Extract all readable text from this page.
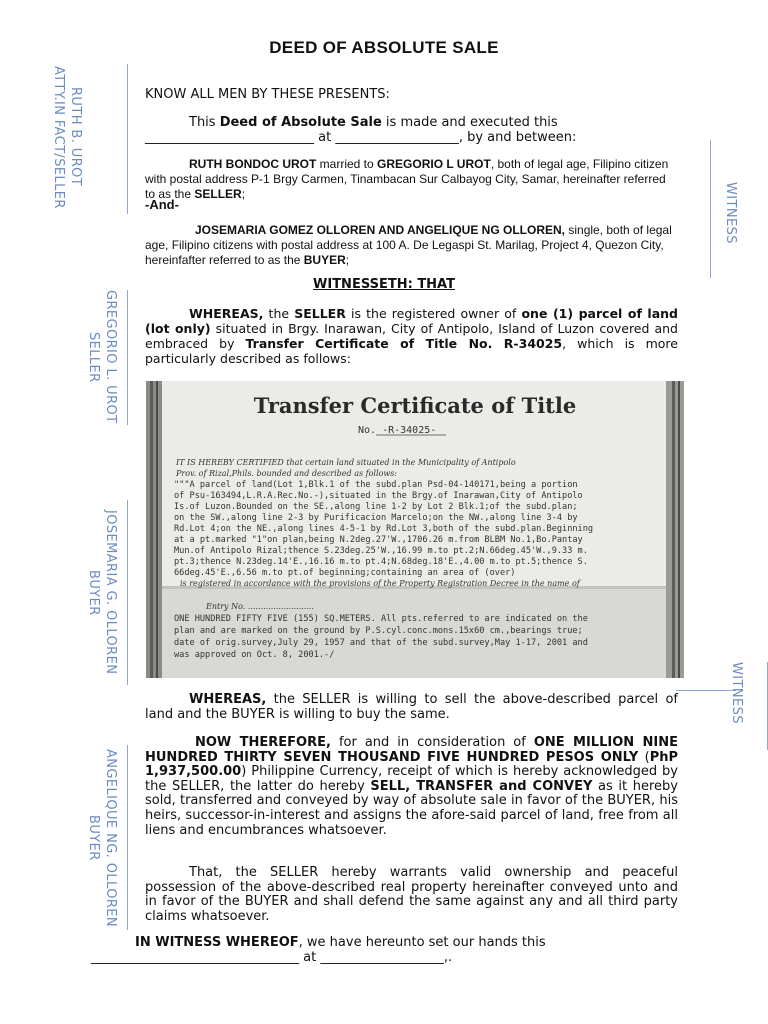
DEED OF ABSOLUTE SALE
KNOW ALL MEN BY THESE PRESENTS:
This Deed of Absolute Sale is made and executed this
__________________________ at ___________________, by and between:
RUTH BONDOC UROT married to GREGORIO L UROT, both of legal age, Filipino citizen with postal address P-1 Brgy Carmen, Tinambacan Sur Calbayog City, Samar, hereinafter referred to as the SELLER;
-And-
JOSEMARIA GOMEZ OLLOREN AND ANGELIQUE NG OLLOREN, single, both of legal age, Filipino citizens with postal address at 100 A. De Legaspi St. Marilag, Project 4, Quezon City, hereinfafter referred to as the BUYER;
WITNESSETH: THAT
WHEREAS, the SELLER is the registered owner of one (1) parcel of land (lot only) situated in Brgy. Inarawan, City of Antipolo, Island of Luzon covered and embraced by Transfer Certificate of Title No. R-34025, which is more particularly described as follows:
Transfer Certificate of Title
No. -R-34025-
IT IS HEREBY CERTIFIED that certain land situated in the Municipality of Antipolo
Prov. of Rizal,Phils. bounded and described as follows:
"""A parcel of land(Lot 1,Blk.1 of the subd.plan Psd-04-140171,being a portion
of Psu-163494,L.R.A.Rec.No.-),situated in the Brgy.of Inarawan,City of Antipolo
Is.of Luzon.Bounded on the SE.,along line 1-2 by Lot 2 Blk.1;of the subd.plan;
on the SW.,along line 2-3 by Purificacion Marcelo;on the NW.,along line 3-4 by
Rd.Lot 4;on the NE.,along lines 4-5-1 by Rd.Lot 3,both of the subd.plan.Beginning
at a pt.marked "1"on plan,being N.2deg.27'W.,1706.26 m.from BLBM No.1,Bo.Pantay
Mun.of Antipolo Rizal;thence S.23deg.25'W.,16.99 m.to pt.2;N.66deg.45'W.,9.33 m.
pt.3;thence N.23deg.14'E.,16.16 m.to pt.4;N.68deg.18'E.,4.00 m.to pt.5;thence S.
66deg.45'E.,6.56 m.to pt.of beginning;containing an area of (over)
is registered in accordance with the provisions of the Property Registration Decree in the name of
Entry No. ..........................
ONE HUNDRED FIFTY FIVE (155) SQ.METERS. All pts.referred to are indicated on the
plan and are marked on the ground by P.S.cyl.conc.mons.15x60 cm.,bearings true;
date of orig.survey,July 29, 1957 and that of the subd.survey,May 1-17, 2001 and
was approved on Oct. 8, 2001.-/
WHEREAS, the SELLER is willing to sell the above-described parcel of land and the BUYER is willing to buy the same.
NOW THEREFORE, for and in consideration of ONE MILLION NINE HUNDRED THIRTY SEVEN THOUSAND FIVE HUNDRED PESOS ONLY (PhP 1,937,500.00) Philippine Currency, receipt of which is hereby acknowledged by the SELLER, the latter do hereby SELL, TRANSFER and CONVEY as it hereby sold, transferred and conveyed by way of absolute sale in favor of the BUYER, his heirs, successor-in-interest and assigns the afore-said parcel of land, free from all liens and encumbrances whatsoever.
That, the SELLER hereby warrants valid ownership and peaceful possession of the above-described real property hereinafter conveyed unto and in favor of the BUYER and shall defend the same against any and all third party claims whatsoever.
IN WITNESS WHEREOF, we have hereunto set our hands this
________________________________ at ___________________,.
RUTH B. UROT
ATTY.IN FACT/SELLER
GREGORIO L. UROT
SELLER
JOSEMARIA G. OLLOREN
BUYER
ANGELIQUE NG. OLLOREN
BUYER
WITNESS
WITNESS
